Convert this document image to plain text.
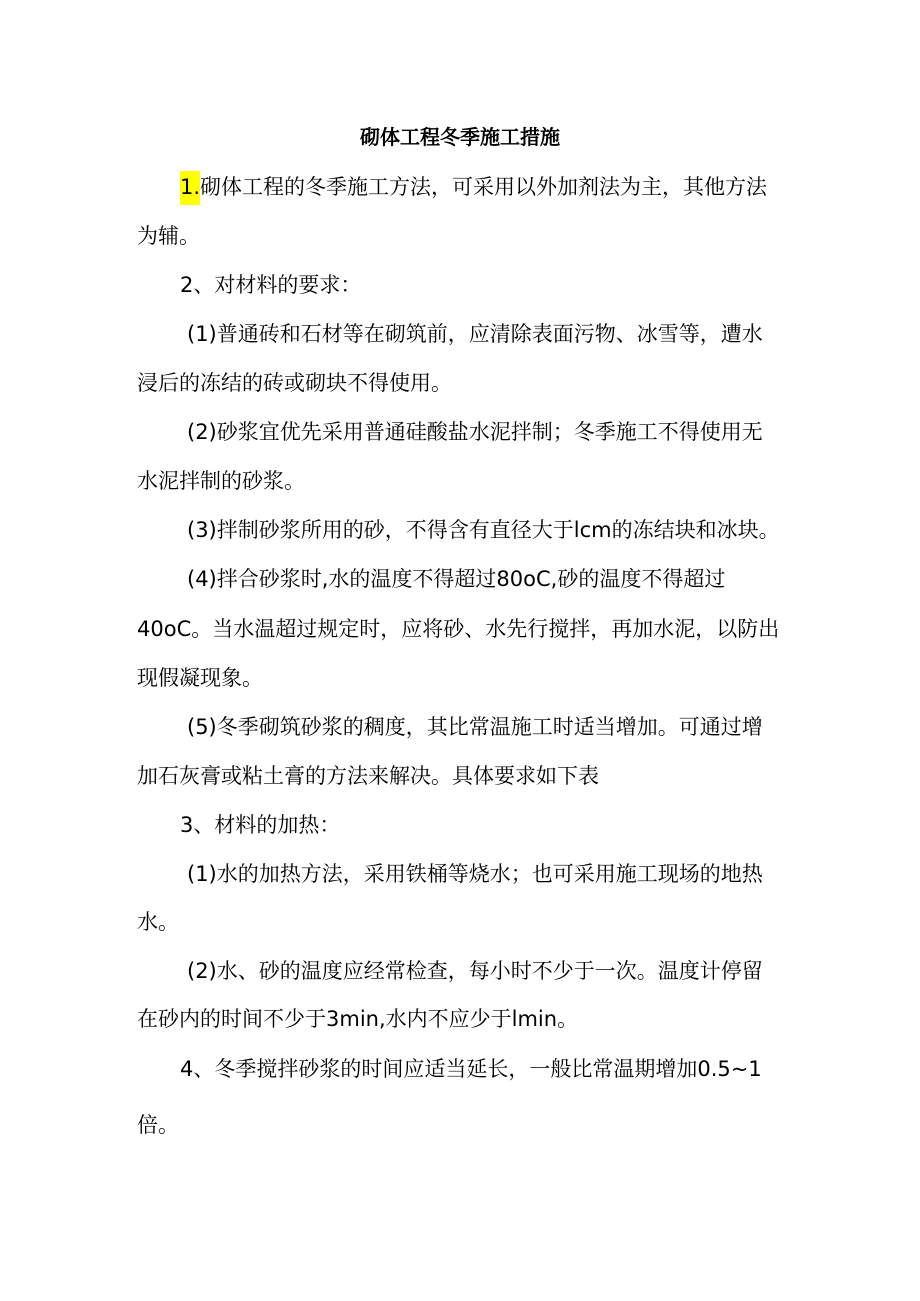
砌体工程冬季施工措施

1.砌体工程的冬季施工方法，可采用以外加剂法为主，其他方法

为辅。

2、对材料的要求：

(1)普通砖和石材等在砌筑前，应清除表面污物、冰雪等，遭水

浸后的冻结的砖或砌块不得使用。

(2)砂浆宜优先采用普通硅酸盐水泥拌制；冬季施工不得使用无

水泥拌制的砂浆。

(3)拌制砂浆所用的砂，不得含有直径大于lcm的冻结块和冰块。

(4)拌合砂浆时,水的温度不得超过80oC,砂的温度不得超过

40oC。当水温超过规定时，应将砂、水先行搅拌，再加水泥，以防出

现假凝现象。

(5)冬季砌筑砂浆的稠度，其比常温施工时适当增加。可通过增

加石灰膏或粘土膏的方法来解决。具体要求如下表

3、材料的加热：

(1)水的加热方法，采用铁桶等烧水；也可采用施工现场的地热

水。

(2)水、砂的温度应经常检查，每小时不少于一次。温度计停留

在砂内的时间不少于3min,水内不应少于lmin。

4、冬季搅拌砂浆的时间应适当延长，一般比常温期增加0.5~1

倍。
